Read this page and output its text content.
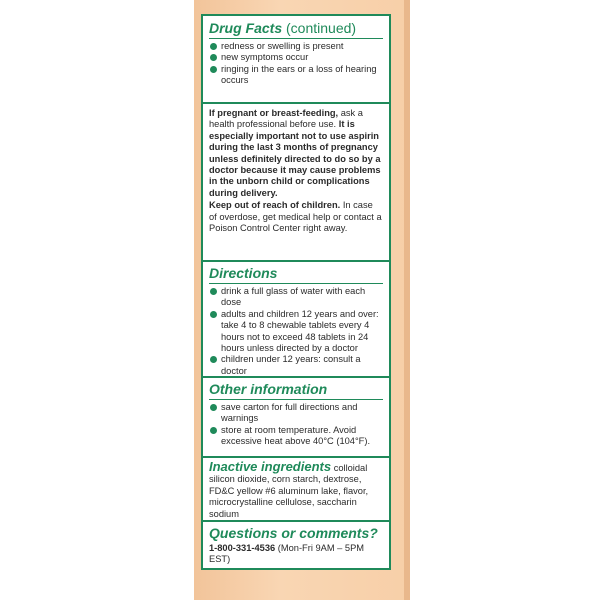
Drug Facts (continued)
redness or swelling is present
new symptoms occur
ringing in the ears or a loss of hearing occurs
If pregnant or breast-feeding, ask a health professional before use. It is especially important not to use aspirin during the last 3 months of pregnancy unless definitely directed to do so by a doctor because it may cause problems in the unborn child or complications during delivery.
Keep out of reach of children. In case of overdose, get medical help or contact a Poison Control Center right away.
Directions
drink a full glass of water with each dose
adults and children 12 years and over: take 4 to 8 chewable tablets every 4 hours not to exceed 48 tablets in 24 hours unless directed by a doctor
children under 12 years: consult a doctor
Other information
save carton for full directions and warnings
store at room temperature. Avoid excessive heat above 40°C (104°F).
Inactive ingredients colloidal silicon dioxide, corn starch, dextrose, FD&C yellow #6 aluminum lake, flavor, microcrystalline cellulose, saccharin sodium
Questions or comments?
1-800-331-4536 (Mon-Fri 9AM – 5PM EST)
